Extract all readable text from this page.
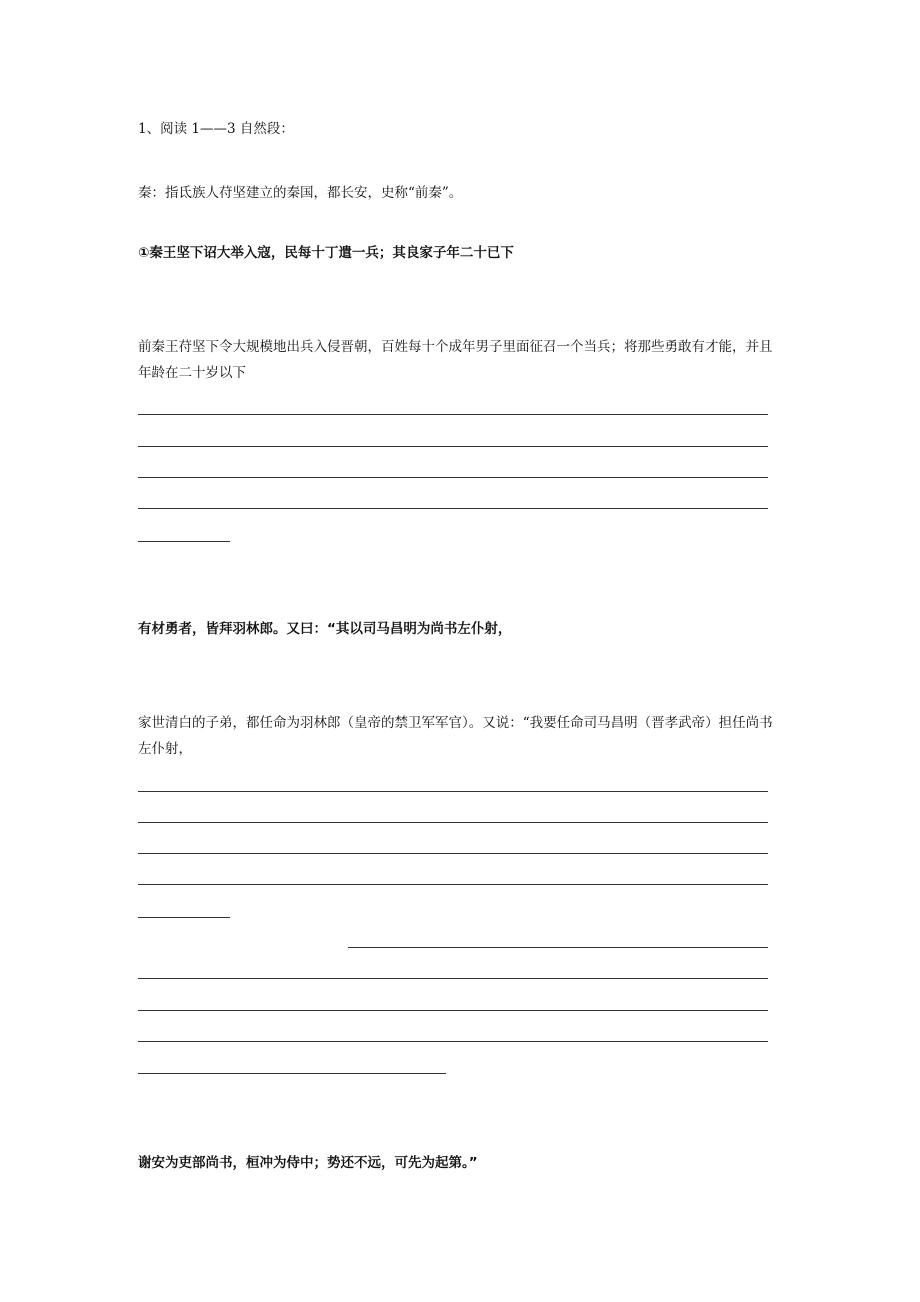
1、阅读 1——3 自然段：
秦：指氐族人苻坚建立的秦国，都长安，史称“前秦”。
①秦王坚下诏大举入寇，民每十丁遣一兵；其良家子年二十已下
前秦王苻坚下令大规模地出兵入侵晋朝，百姓每十个成年男子里面征召一个当兵；将那些勇敢有才能，并且年龄在二十岁以下
有材勇者，皆拜羽林郎。又曰：“其以司马昌明为尚书左仆射，
家世清白的子弟，都任命为羽林郎（皇帝的禁卫军军官）。又说：“我要任命司马昌明（晋孝武帝）担任尚书左仆射，
谢安为吏部尚书，桓冲为侍中；势还不远，可先为起第。”
